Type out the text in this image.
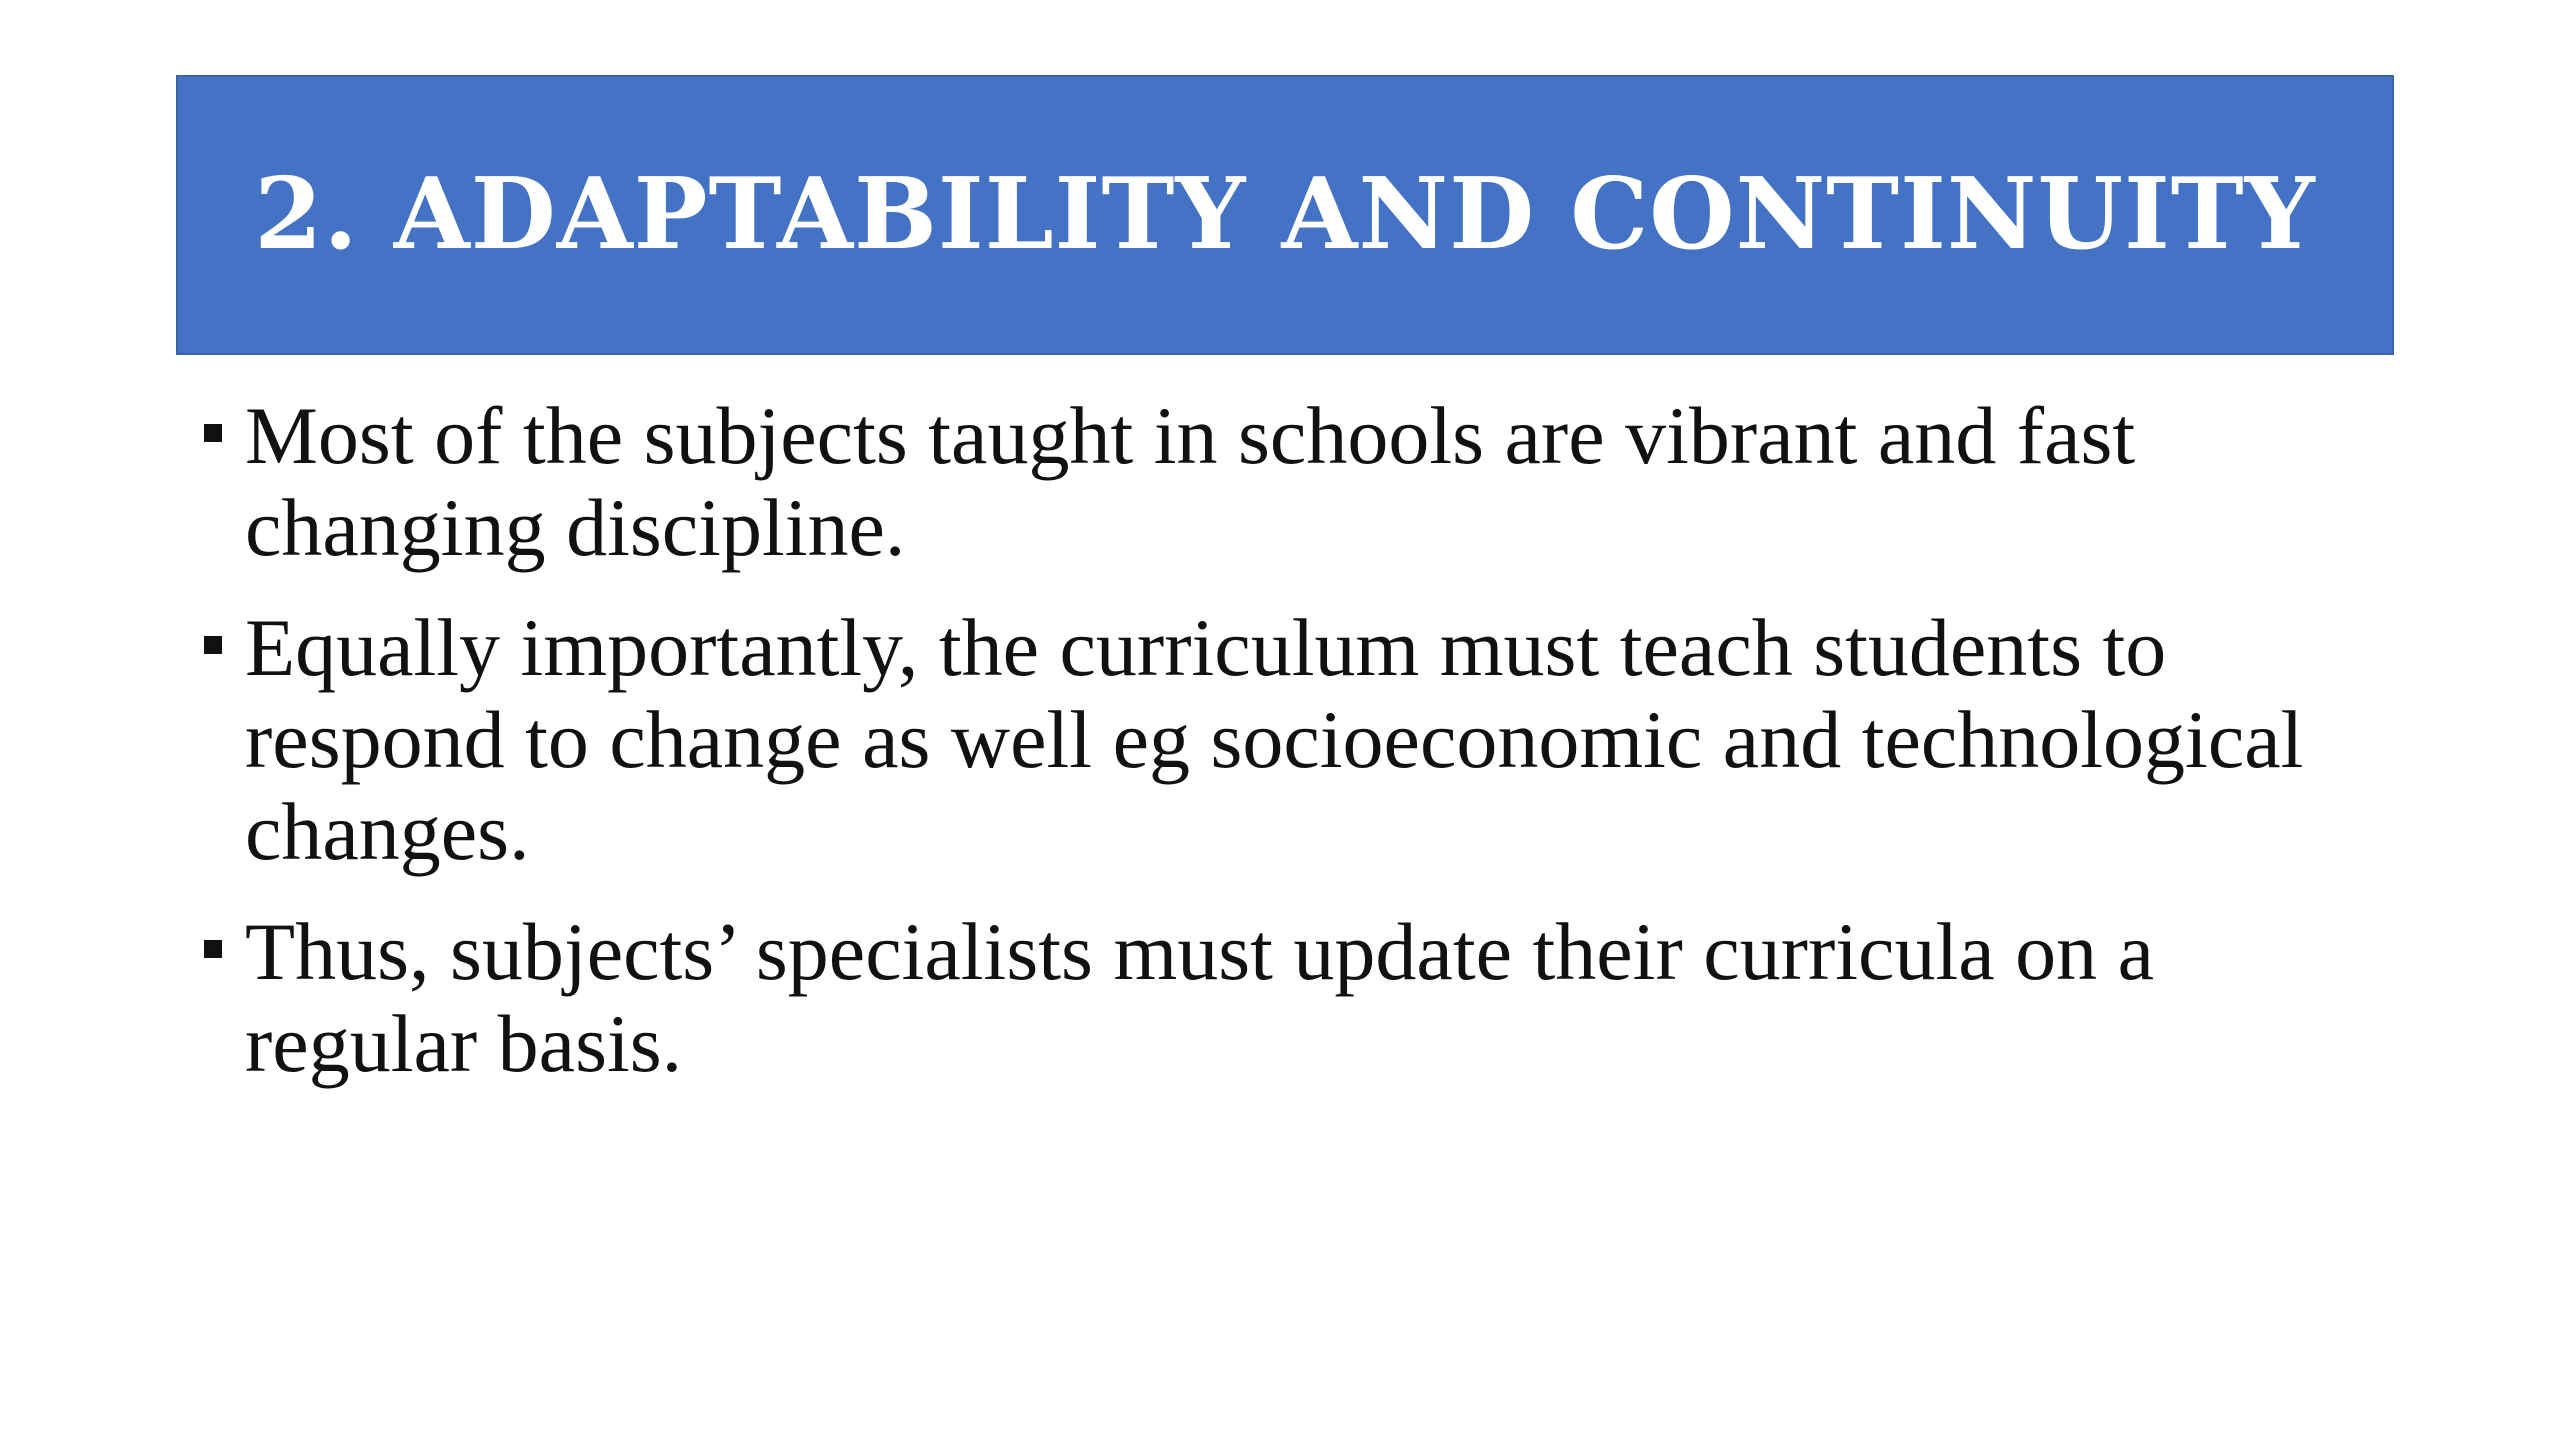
2. ADAPTABILITY AND CONTINUITY
Most of the subjects taught in schools are vibrant and fast changing discipline.
Equally importantly, the curriculum must teach students to respond to change as well eg socioeconomic and technological changes.
Thus, subjects’ specialists must update their curricula on a regular basis.
